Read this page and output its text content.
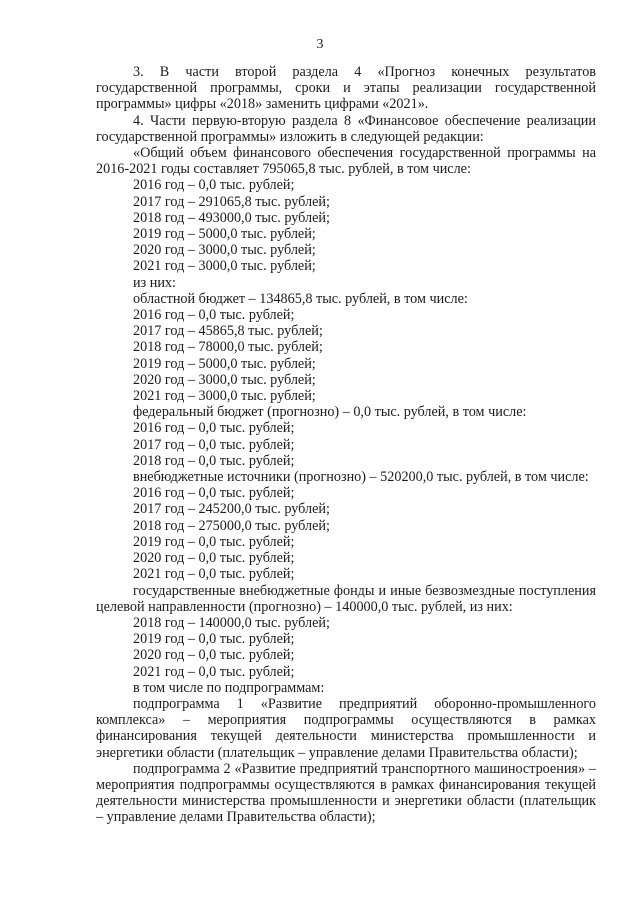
3

3. В части второй раздела 4 «Прогноз конечных результатов государственной программы, сроки и этапы реализации государственной программы» цифры «2018» заменить цифрами «2021».

4. Части первую-вторую раздела 8 «Финансовое обеспечение реализации государственной программы» изложить в следующей редакции:

«Общий объем финансового обеспечения государственной программы на 2016-2021 годы составляет 795065,8 тыс. рублей, в том числе:

2016 год – 0,0 тыс. рублей;

2017 год – 291065,8 тыс. рублей;

2018 год – 493000,0 тыс. рублей;

2019 год – 5000,0 тыс. рублей;

2020 год – 3000,0 тыс. рублей;

2021 год – 3000,0 тыс. рублей;

из них:

областной бюджет – 134865,8 тыс. рублей, в том числе:

2016 год – 0,0 тыс. рублей;

2017 год – 45865,8 тыс. рублей;

2018 год – 78000,0 тыс. рублей;

2019 год – 5000,0 тыс. рублей;

2020 год – 3000,0 тыс. рублей;

2021 год – 3000,0 тыс. рублей;

федеральный бюджет (прогнозно) – 0,0 тыс. рублей, в том числе:

2016 год – 0,0 тыс. рублей;

2017 год – 0,0 тыс. рублей;

2018 год – 0,0 тыс. рублей;

внебюджетные источники (прогнозно) – 520200,0 тыс. рублей, в том числе:

2016 год – 0,0 тыс. рублей;

2017 год – 245200,0 тыс. рублей;

2018 год – 275000,0 тыс. рублей;

2019 год – 0,0 тыс. рублей;

2020 год – 0,0 тыс. рублей;

2021 год – 0,0 тыс. рублей;

государственные внебюджетные фонды и иные безвозмездные поступления целевой направленности (прогнозно) – 140000,0 тыс. рублей, из них:

2018 год – 140000,0 тыс. рублей;

2019 год – 0,0 тыс. рублей;

2020 год – 0,0 тыс. рублей;

2021 год – 0,0 тыс. рублей;

в том числе по подпрограммам:

подпрограмма 1 «Развитие предприятий оборонно-промышленного комплекса» – мероприятия подпрограммы осуществляются в рамках финансирования текущей деятельности министерства промышленности и энергетики области (плательщик – управление делами Правительства области);

подпрограмма 2 «Развитие предприятий транспортного машиностроения» – мероприятия подпрограммы осуществляются в рамках финансирования текущей деятельности министерства промышленности и энергетики области (плательщик – управление делами Правительства области);
